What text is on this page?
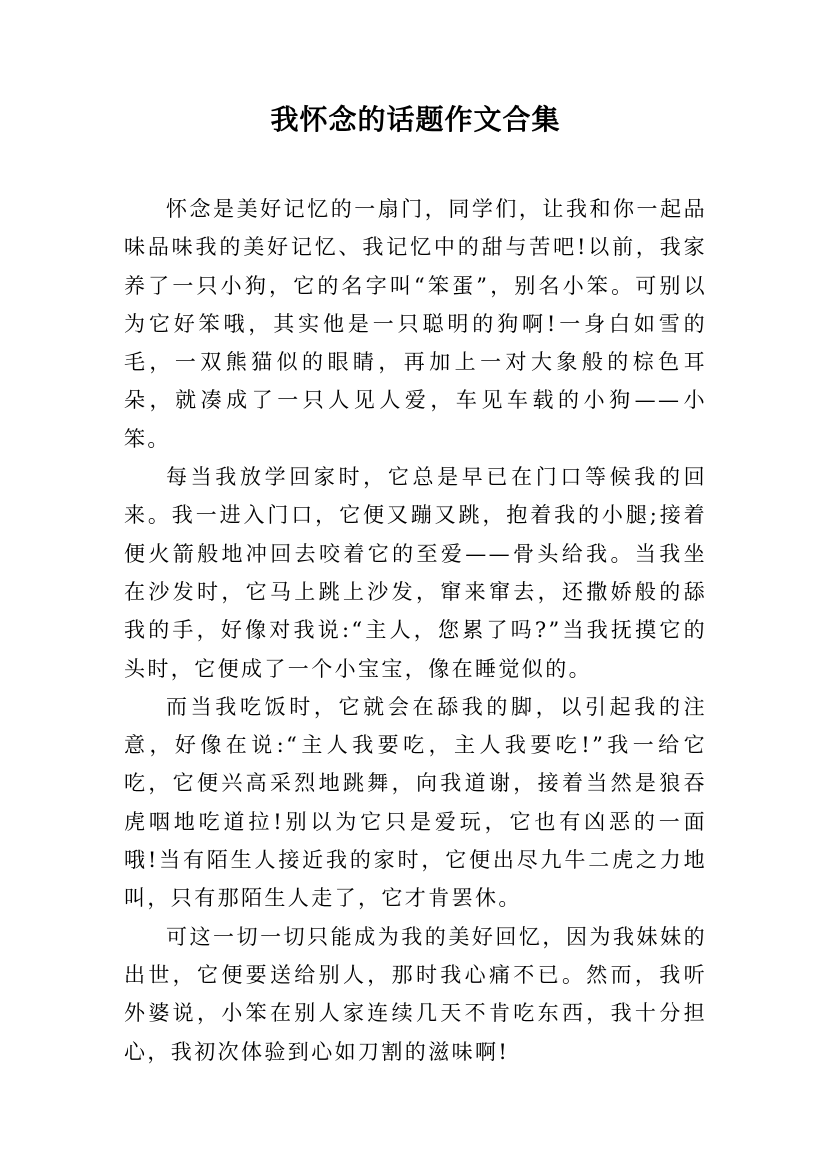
我怀念的话题作文合集

怀念是美好记忆的一扇门，同学们，让我和你一起品味品味我的美好记忆、我记忆中的甜与苦吧!以前，我家养了一只小狗，它的名字叫“笨蛋”，别名小笨。可别以为它好笨哦，其实他是一只聪明的狗啊!一身白如雪的毛，一双熊猫似的眼睛，再加上一对大象般的棕色耳朵，就凑成了一只人见人爱，车见车载的小狗——小笨。

每当我放学回家时，它总是早已在门口等候我的回来。我一进入门口，它便又蹦又跳，抱着我的小腿;接着便火箭般地冲回去咬着它的至爱——骨头给我。当我坐在沙发时，它马上跳上沙发，窜来窜去，还撒娇般的舔我的手，好像对我说:“主人，您累了吗?”当我抚摸它的头时，它便成了一个小宝宝，像在睡觉似的。

而当我吃饭时，它就会在舔我的脚，以引起我的注意，好像在说:“主人我要吃，主人我要吃!”我一给它吃，它便兴高采烈地跳舞，向我道谢，接着当然是狼吞虎咽地吃道拉!别以为它只是爱玩，它也有凶恶的一面哦!当有陌生人接近我的家时，它便出尽九牛二虎之力地叫，只有那陌生人走了，它才肯罢休。

可这一切一切只能成为我的美好回忆，因为我妹妹的出世，它便要送给别人，那时我心痛不已。然而，我听外婆说，小笨在别人家连续几天不肯吃东西，我十分担心，我初次体验到心如刀割的滋味啊!
